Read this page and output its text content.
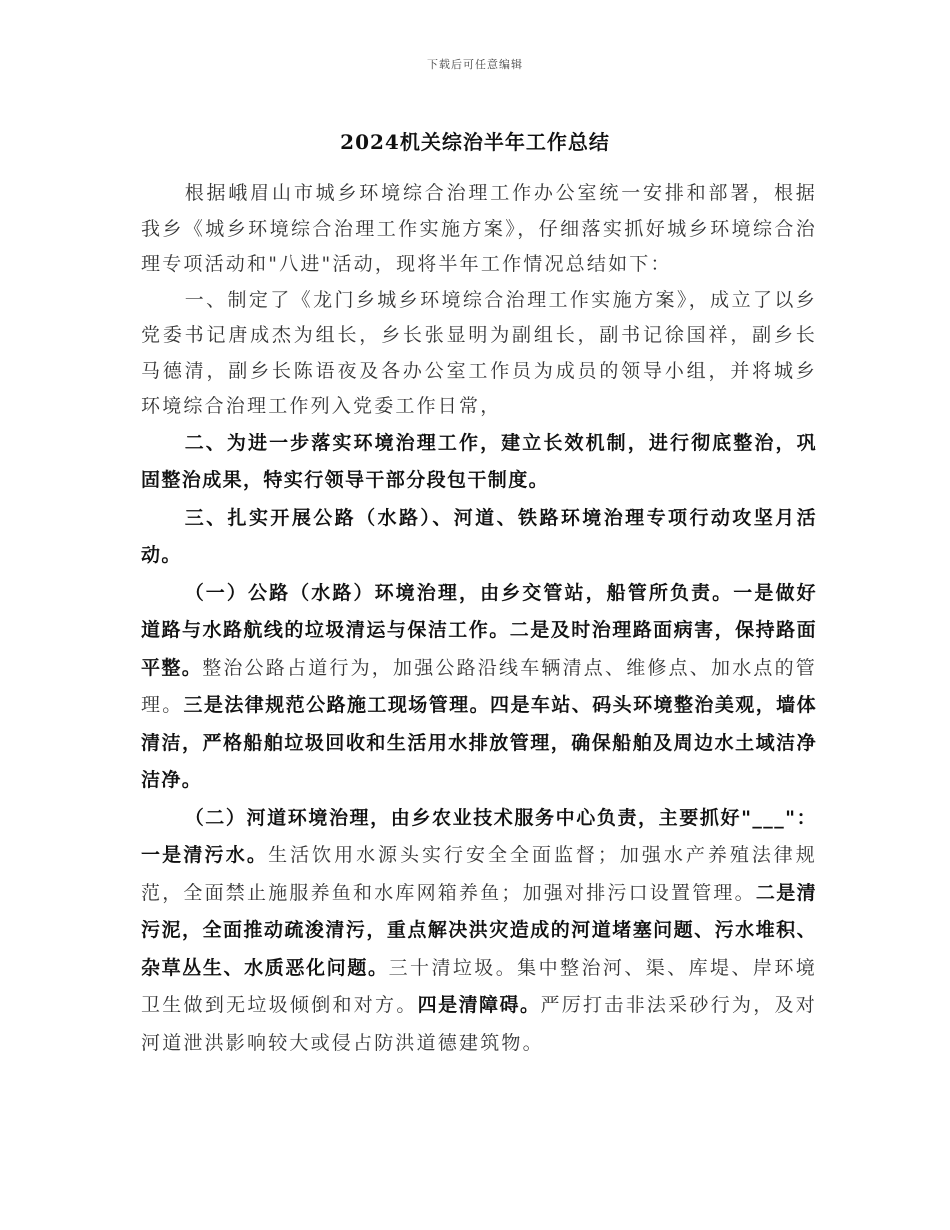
下载后可任意编辑
2024机关综治半年工作总结

根据峨眉山市城乡环境综合治理工作办公室统一安排和部署，根据我乡《城乡环境综合治理工作实施方案》，仔细落实抓好城乡环境综合治理专项活动和"八进"活动，现将半年工作情况总结如下：

一、制定了《龙门乡城乡环境综合治理工作实施方案》，成立了以乡党委书记唐成杰为组长，乡长张显明为副组长，副书记徐国祥，副乡长马德清，副乡长陈语夜及各办公室工作员为成员的领导小组，并将城乡环境综合治理工作列入党委工作日常，

二、为进一步落实环境治理工作，建立长效机制，进行彻底整治，巩固整治成果，特实行领导干部分段包干制度。

三、扎实开展公路（水路）、河道、铁路环境治理专项行动攻坚月活动。

（一）公路（水路）环境治理，由乡交管站，船管所负责。一是做好道路与水路航线的垃圾清运与保洁工作。二是及时治理路面病害，保持路面平整。整治公路占道行为，加强公路沿线车辆清点、维修点、加水点的管理。三是法律规范公路施工现场管理。四是车站、码头环境整治美观，墙体清洁，严格船舶垃圾回收和生活用水排放管理，确保船舶及周边水土域洁净洁净。

（二）河道环境治理，由乡农业技术服务中心负责，主要抓好"___"：一是清污水。生活饮用水源头实行安全全面监督；加强水产养殖法律规范，全面禁止施服养鱼和水库网箱养鱼；加强对排污口设置管理。二是清污泥，全面推动疏浚清污，重点解决洪灾造成的河道堵塞问题、污水堆积、杂草丛生、水质恶化问题。三十清垃圾。集中整治河、渠、库堤、岸环境卫生做到无垃圾倾倒和对方。四是清障碍。严厉打击非法采砂行为，及对河道泄洪影响较大或侵占防洪道德建筑物。
